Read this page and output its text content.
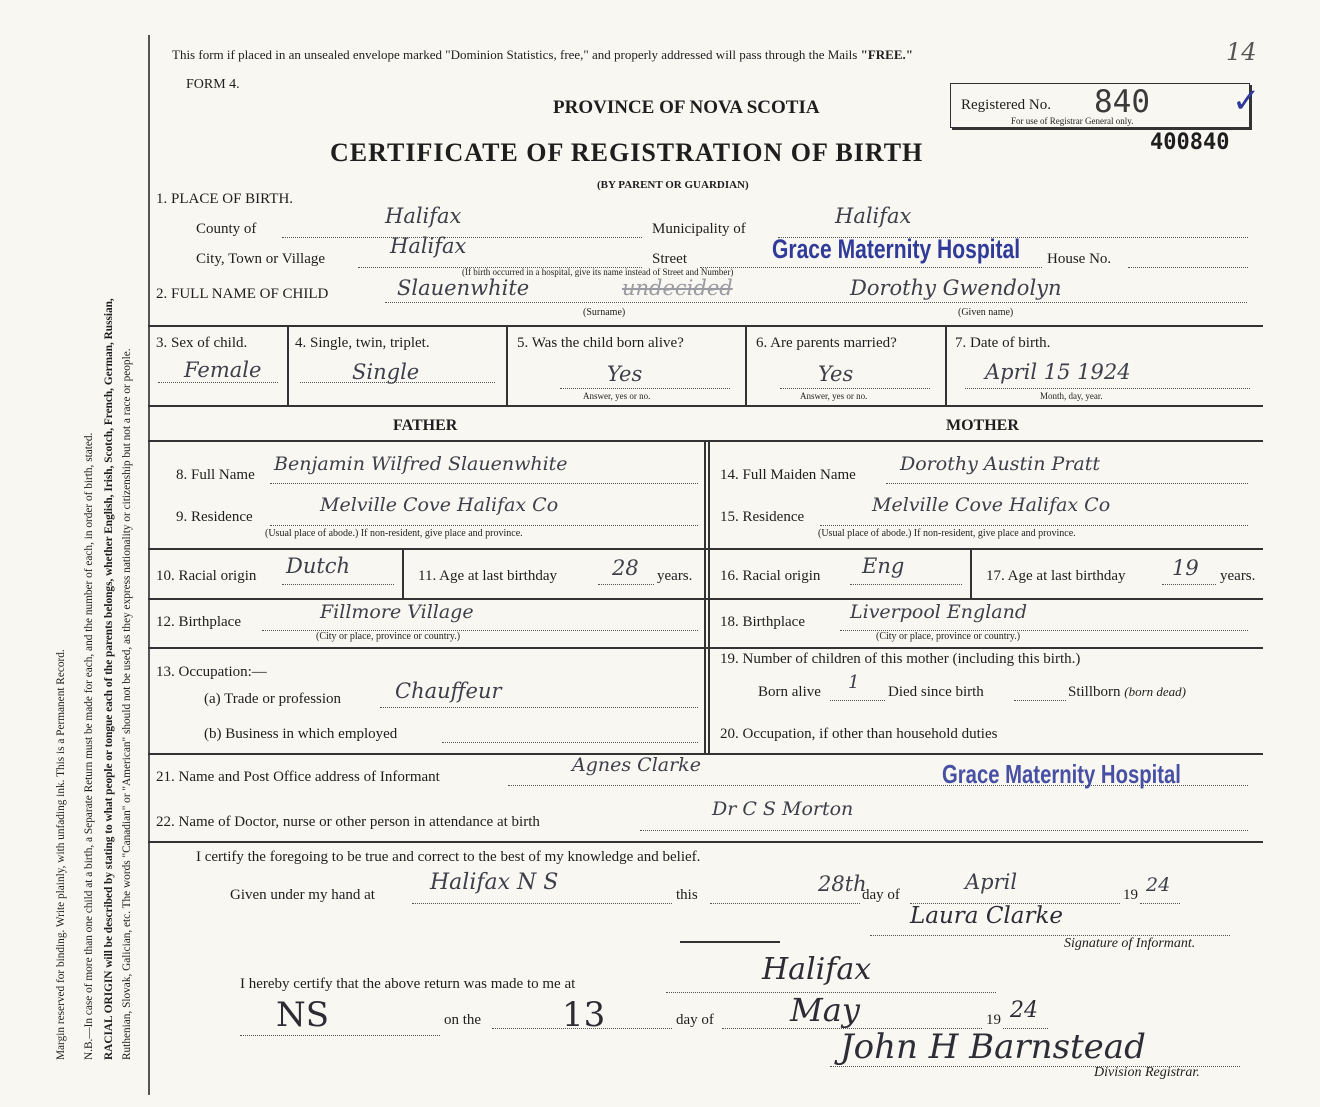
Margin reserved for binding. Write plainly, with unfading ink. This is a Permanent Record. N.B.—In case of more than one child at a birth, a Separate Return must be made for each, and the number of each, in order of birth, stated. RACIAL ORIGIN will be described by stating to what people or tongue each of the parents belongs, whether English, Irish, Scotch, French, German, Russian, Ruthenian, Slovak, Galician, etc. The words "Canadian" or "American" should not be used, as they express nationality or citizenship but not a race or people.
This form if placed in an unsealed envelope marked "Dominion Statistics, free," and properly addressed will pass through the Mails "FREE."
FORM 4.
14
PROVINCE OF NOVA SCOTIA
CERTIFICATE OF REGISTRATION OF BIRTH
(BY PARENT OR GUARDIAN)
Registered No. 840
For use of Registrar General only.	✓
400840
1. PLACE OF BIRTH.
County of
Halifax
Municipality of
Halifax
City, Town or Village
Halifax
Street	Grace Maternity Hospital House No.
(If birth occurred in a hospital, give its name instead of Street and Number)
2. FULL NAME OF CHILD	Slauenwhite	undecided	Dorothy Gwendolyn
(Surname)	(Given name)
3. Sex of child.
Female
4. Single, twin, triplet.
Single
5. Was the child born alive?
Yes
Answer, yes or no.
6. Are parents married?
Yes
Answer, yes or no.
7. Date of birth.
April 15 1924
Month, day, year.
FATHER	MOTHER
8. Full Name Benjamin Wilfred Slauenwhite
9. Residence
Melville Cove Halifax Co
(Usual place of abode.) If non-resident, give place and province.
10. Racial origin Dutch	11. Age at last birthday	28 years.
12. Birthplace	Fillmore Village
(City or place, province or country.)
13. Occupation:—
(a) Trade or profession	Chauffeur
(b) Business in which employed
14. Full Maiden Name Dorothy Austin Pratt
15. Residence
Melville Cove Halifax Co
(Usual place of abode.) If non-resident, give place and province.
16. Racial origin Eng	17. Age at last birthday 19 years.
18. Birthplace Liverpool England
(City or place, province or country.)
19. Number of children of this mother (including this birth.)
Born alive 1 Died since birth	Stillborn (born dead)
20. Occupation, if other than household duties
21. Name and Post Office address of Informant
Agnes Clarke	Grace Maternity Hospital
22. Name of Doctor, nurse or other person in attendance at birth
Dr C S Morton
I certify the foregoing to be true and correct to the best of my knowledge and belief.
Given under my hand at	Halifax N S	this	28th
day of
April
19 24
Laura Clarke
Signature of Informant.
I hereby certify that the above return was made to me at	Halifax
NS	on the 13	day of May	19 24
John H Barnstead
Division Registrar.
